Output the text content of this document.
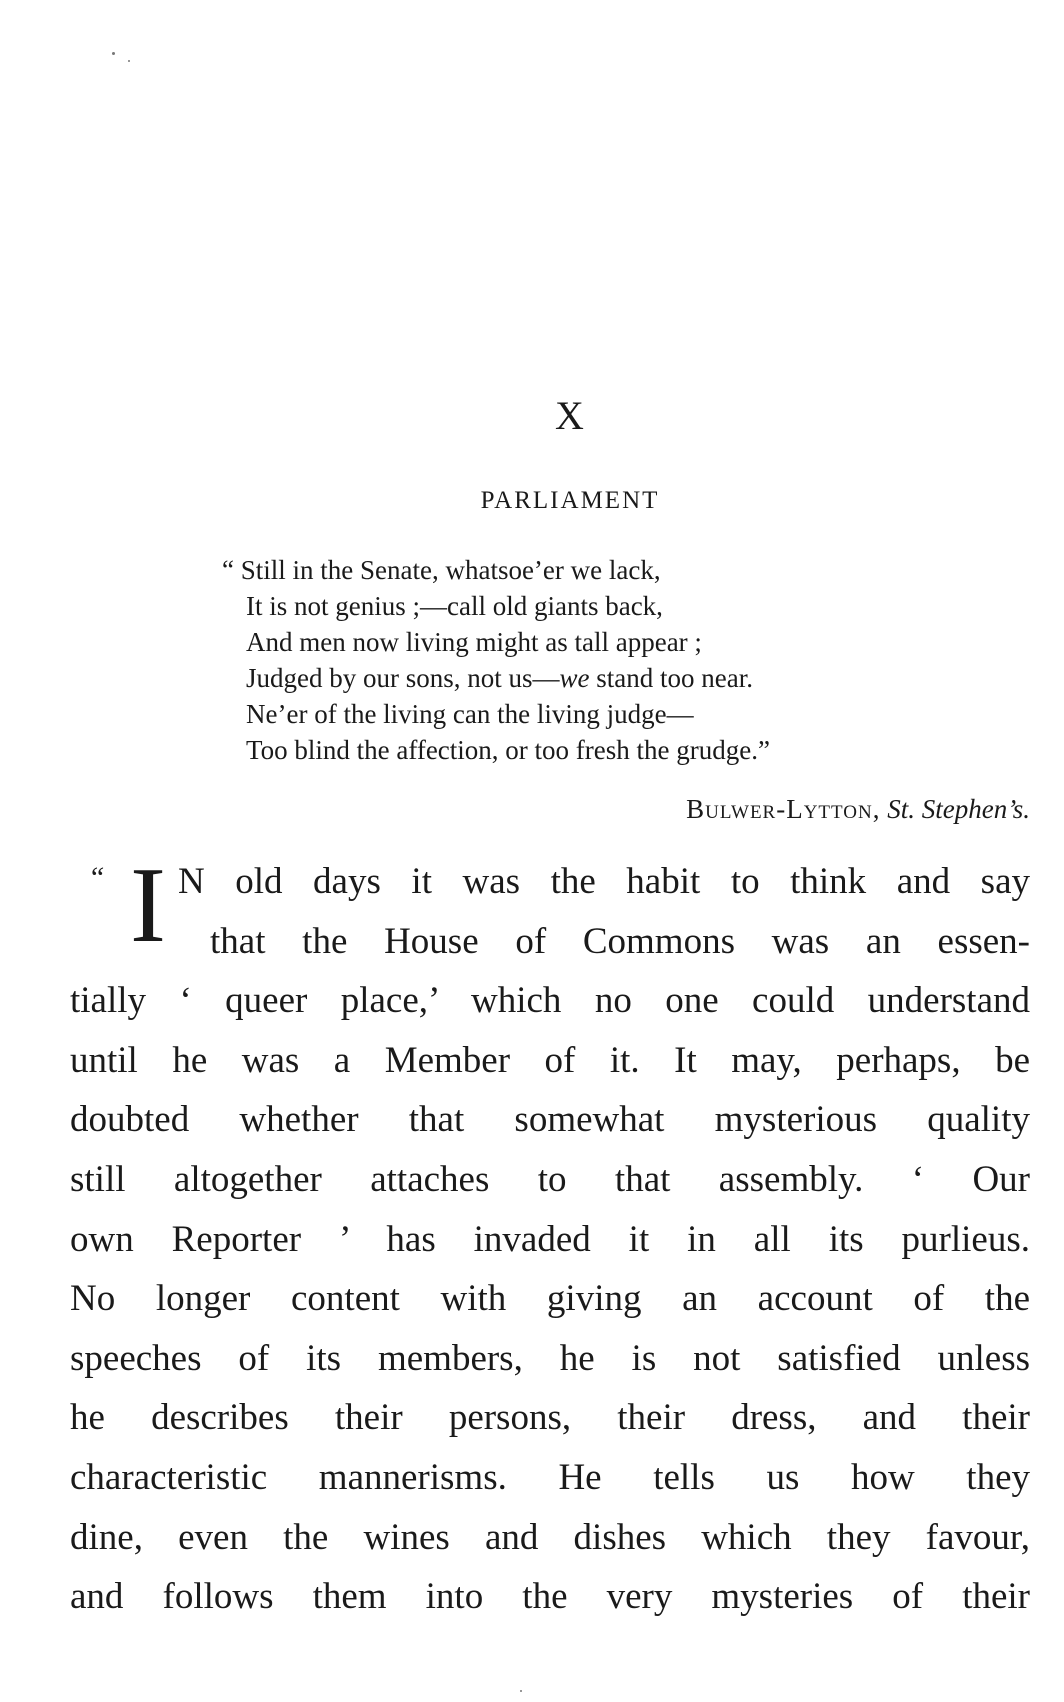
X
PARLIAMENT
“ Still in the Senate, whatsoe’er we lack,
It is not genius ;—call old giants back,
And men now living might as tall appear ;
Judged by our sons, not us—we stand too near.
Ne’er of the living can the living judge—
Too blind the affection, or too fresh the grudge.”
Bulwer-Lytton, St. Stephen’s.
“ I N old days it was the habit to think and say
that the House of Commons was an essen-
tially ‘ queer place,’ which no one could understand
until he was a Member of it. It may, perhaps, be
doubted whether that somewhat mysterious quality
still altogether attaches to that assembly. ‘ Our
own Reporter ’ has invaded it in all its purlieus.
No longer content with giving an account of the
speeches of its members, he is not satisfied unless
he describes their persons, their dress, and their
characteristic mannerisms. He tells us how they
dine, even the wines and dishes which they favour,
and follows them into the very mysteries of their
